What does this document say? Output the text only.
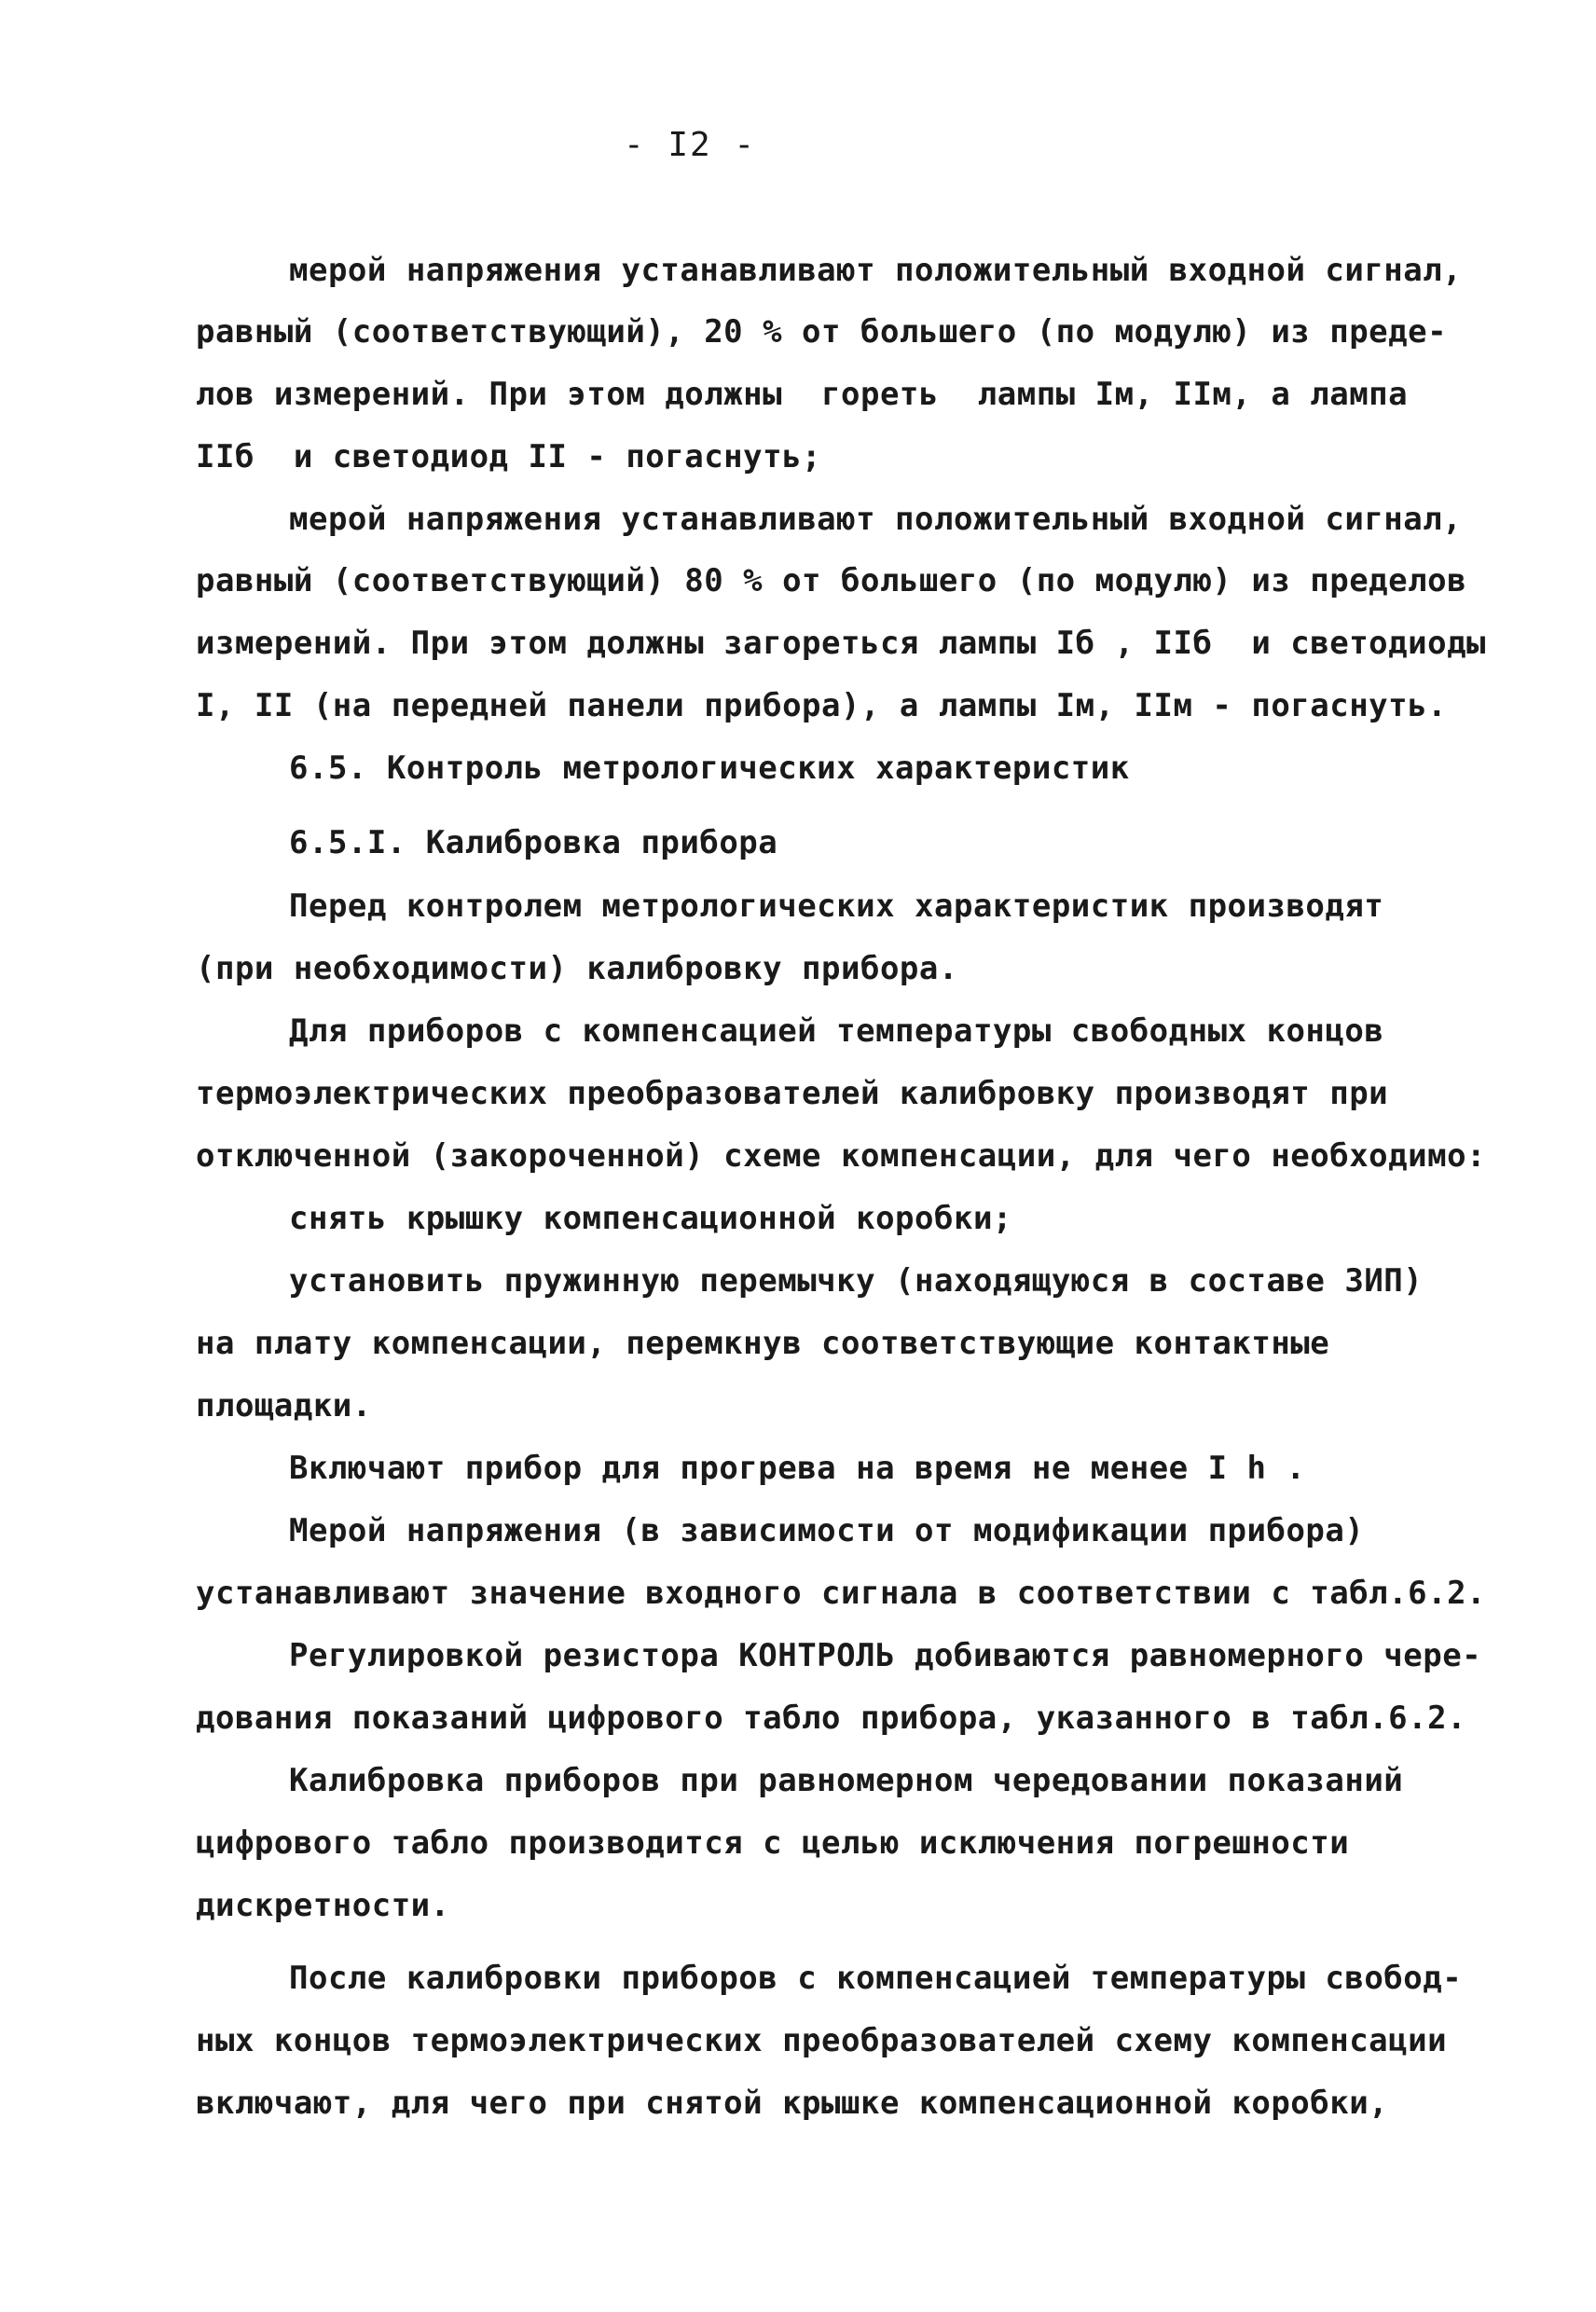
- I2 -
мерой напряжения устанавливают положительный входной сигнал,
равный (соответствующий), 20 % от большего (по модулю) из преде-
лов измерений. При этом должны  гореть  лампы Iм, IIм, а лампа
IIб  и светодиод II - погаснуть;
мерой напряжения устанавливают положительный входной сигнал,
равный (соответствующий) 80 % от большего (по модулю) из пределов
измерений. При этом должны загореться лампы Iб , IIб  и светодиоды
I, II (на передней панели прибора), а лампы Iм, IIм - погаснуть.
6.5. Контроль метрологических характеристик
6.5.I. Калибровка прибора
Перед контролем метрологических характеристик производят
(при необходимости) калибровку прибора.
Для приборов с компенсацией температуры свободных концов
термоэлектрических преобразователей калибровку производят при
отключенной (закороченной) схеме компенсации, для чего необходимо:
снять крышку компенсационной коробки;
установить пружинную перемычку (находящуюся в составе ЗИП)
на плату компенсации, перемкнув соответствующие контактные
площадки.
Включают прибор для прогрева на время не менее I h .
Мерой напряжения (в зависимости от модификации прибора)
устанавливают значение входного сигнала в соответствии с табл.6.2.
Регулировкой резистора КОНТРОЛЬ добиваются равномерного чере-
дования показаний цифрового табло прибора, указанного в табл.6.2.
Калибровка приборов при равномерном чередовании показаний
цифрового табло производится с целью исключения погрешности
дискретности.
После калибровки приборов с компенсацией температуры свобод-
ных концов термоэлектрических преобразователей схему компенсации
включают, для чего при снятой крышке компенсационной коробки,
